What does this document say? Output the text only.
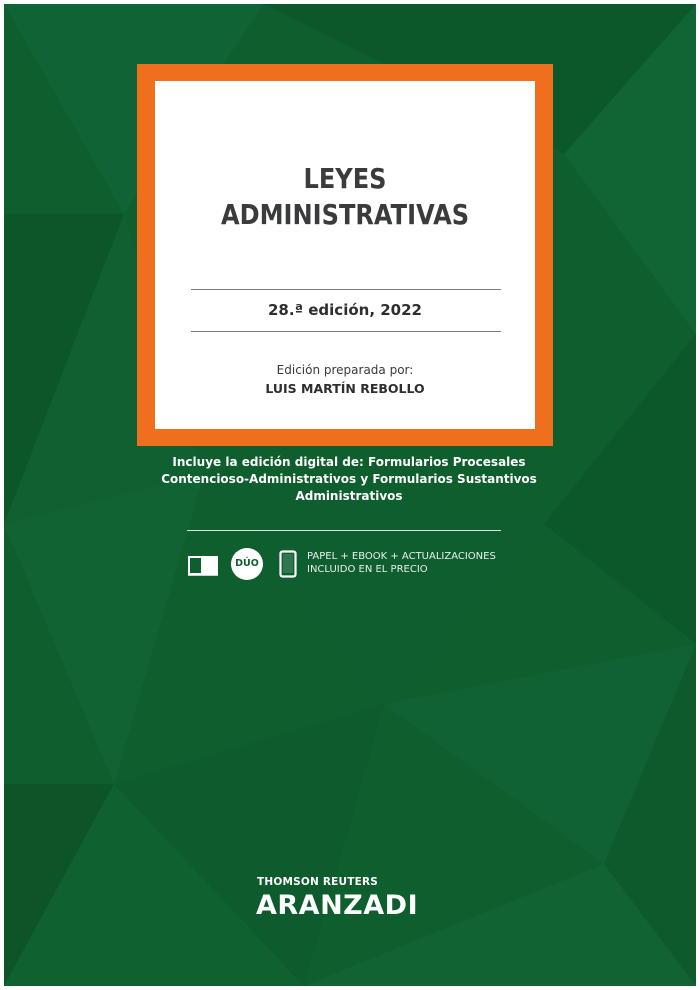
LEYES
ADMINISTRATIVAS
28.ª edición, 2022
Edición preparada por:
LUIS MARTÍN REBOLLO
Incluye la edición digital de: Formularios Procesales
Contencioso-Administrativos y Formularios Sustantivos
Administrativos
DÚO
PAPEL + EBOOK + ACTUALIZACIONES
INCLUIDO EN EL PRECIO
THOMSON REUTERS
ARANZADI
